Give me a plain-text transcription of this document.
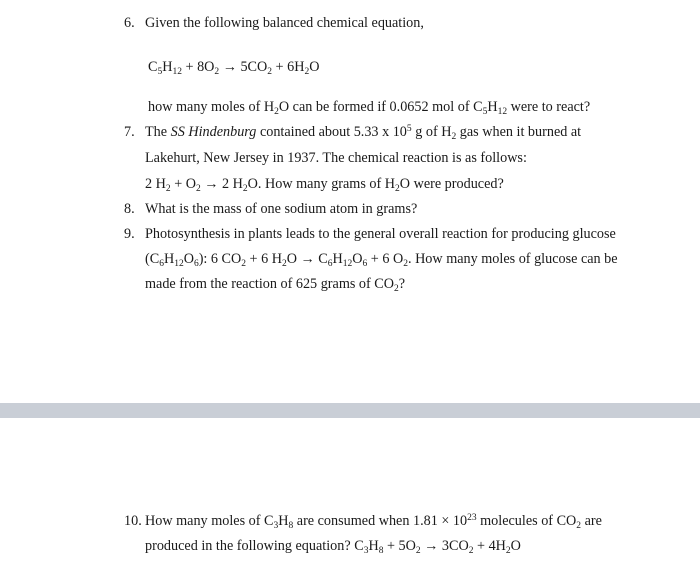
6. Given the following balanced chemical equation,
$C_5H_{12} + 8O_2 \to 5CO_2 + 6H_2O$
how many moles of $H_2O$ can be formed if 0.0652 mol of $C_5H_{12}$ were to react?
7. The SS Hindenburg contained about 5.33 x $10^5$ g of $H_2$ gas when it burned at
Lakehurt, New Jersey in 1937. The chemical reaction is as follows:
2 $H_2 + O_2 \to 2$ $H_2O$. How many grams of $H_2O$ were produced?
8. What is the mass of one sodium atom in grams?
9. Photosynthesis in plants leads to the general overall reaction for producing glucose
$(C_6H_{12}O_6)$: 6 $CO_2 + 6$ $H_2O \to C_6H_{12}O_6 + 6$ $O_2$. How many moles of glucose can be
made from the reaction of 625 grams of $CO_2$?
10. How many moles of $C_3H_8$ are consumed when $1.81 \times 10^{23}$ molecules of $CO_2$ are
produced in the following equation? $C_3H_8 + 5O_2 \to 3CO_2 + 4H_2O$
